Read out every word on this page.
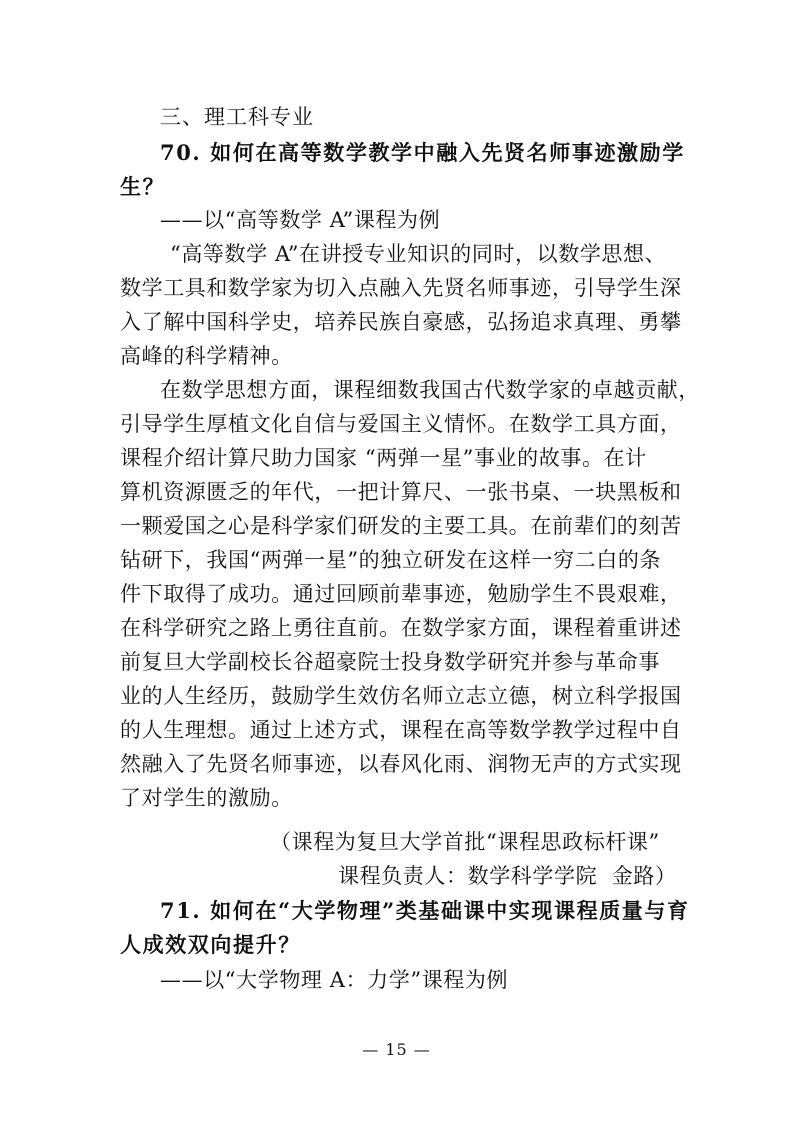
三、理工科专业
70. 如何在高等数学教学中融入先贤名师事迹激励学
生？
——以“高等数学 A”课程为例
“高等数学 A”在讲授专业知识的同时，以数学思想、
数学工具和数学家为切入点融入先贤名师事迹，引导学生深
入了解中国科学史，培养民族自豪感，弘扬追求真理、勇攀
高峰的科学精神。
在数学思想方面，课程细数我国古代数学家的卓越贡献，
引导学生厚植文化自信与爱国主义情怀。在数学工具方面，
课程介绍计算尺助力国家 “两弹一星”事业的故事。在计
算机资源匮乏的年代，一把计算尺、一张书桌、一块黑板和
一颗爱国之心是科学家们研发的主要工具。在前辈们的刻苦
钻研下，我国“两弹一星”的独立研发在这样一穷二白的条
件下取得了成功。通过回顾前辈事迹，勉励学生不畏艰难，
在科学研究之路上勇往直前。在数学家方面，课程着重讲述
前复旦大学副校长谷超豪院士投身数学研究并参与革命事
业的人生经历，鼓励学生效仿名师立志立德，树立科学报国
的人生理想。通过上述方式，课程在高等数学教学过程中自
然融入了先贤名师事迹，以春风化雨、润物无声的方式实现
了对学生的激励。
（课程为复旦大学首批“课程思政标杆课”
课程负责人：数学科学学院  金路）
71. 如何在“大学物理”类基础课中实现课程质量与育
人成效双向提升？
——以“大学物理 A：力学”课程为例
— 15 —
